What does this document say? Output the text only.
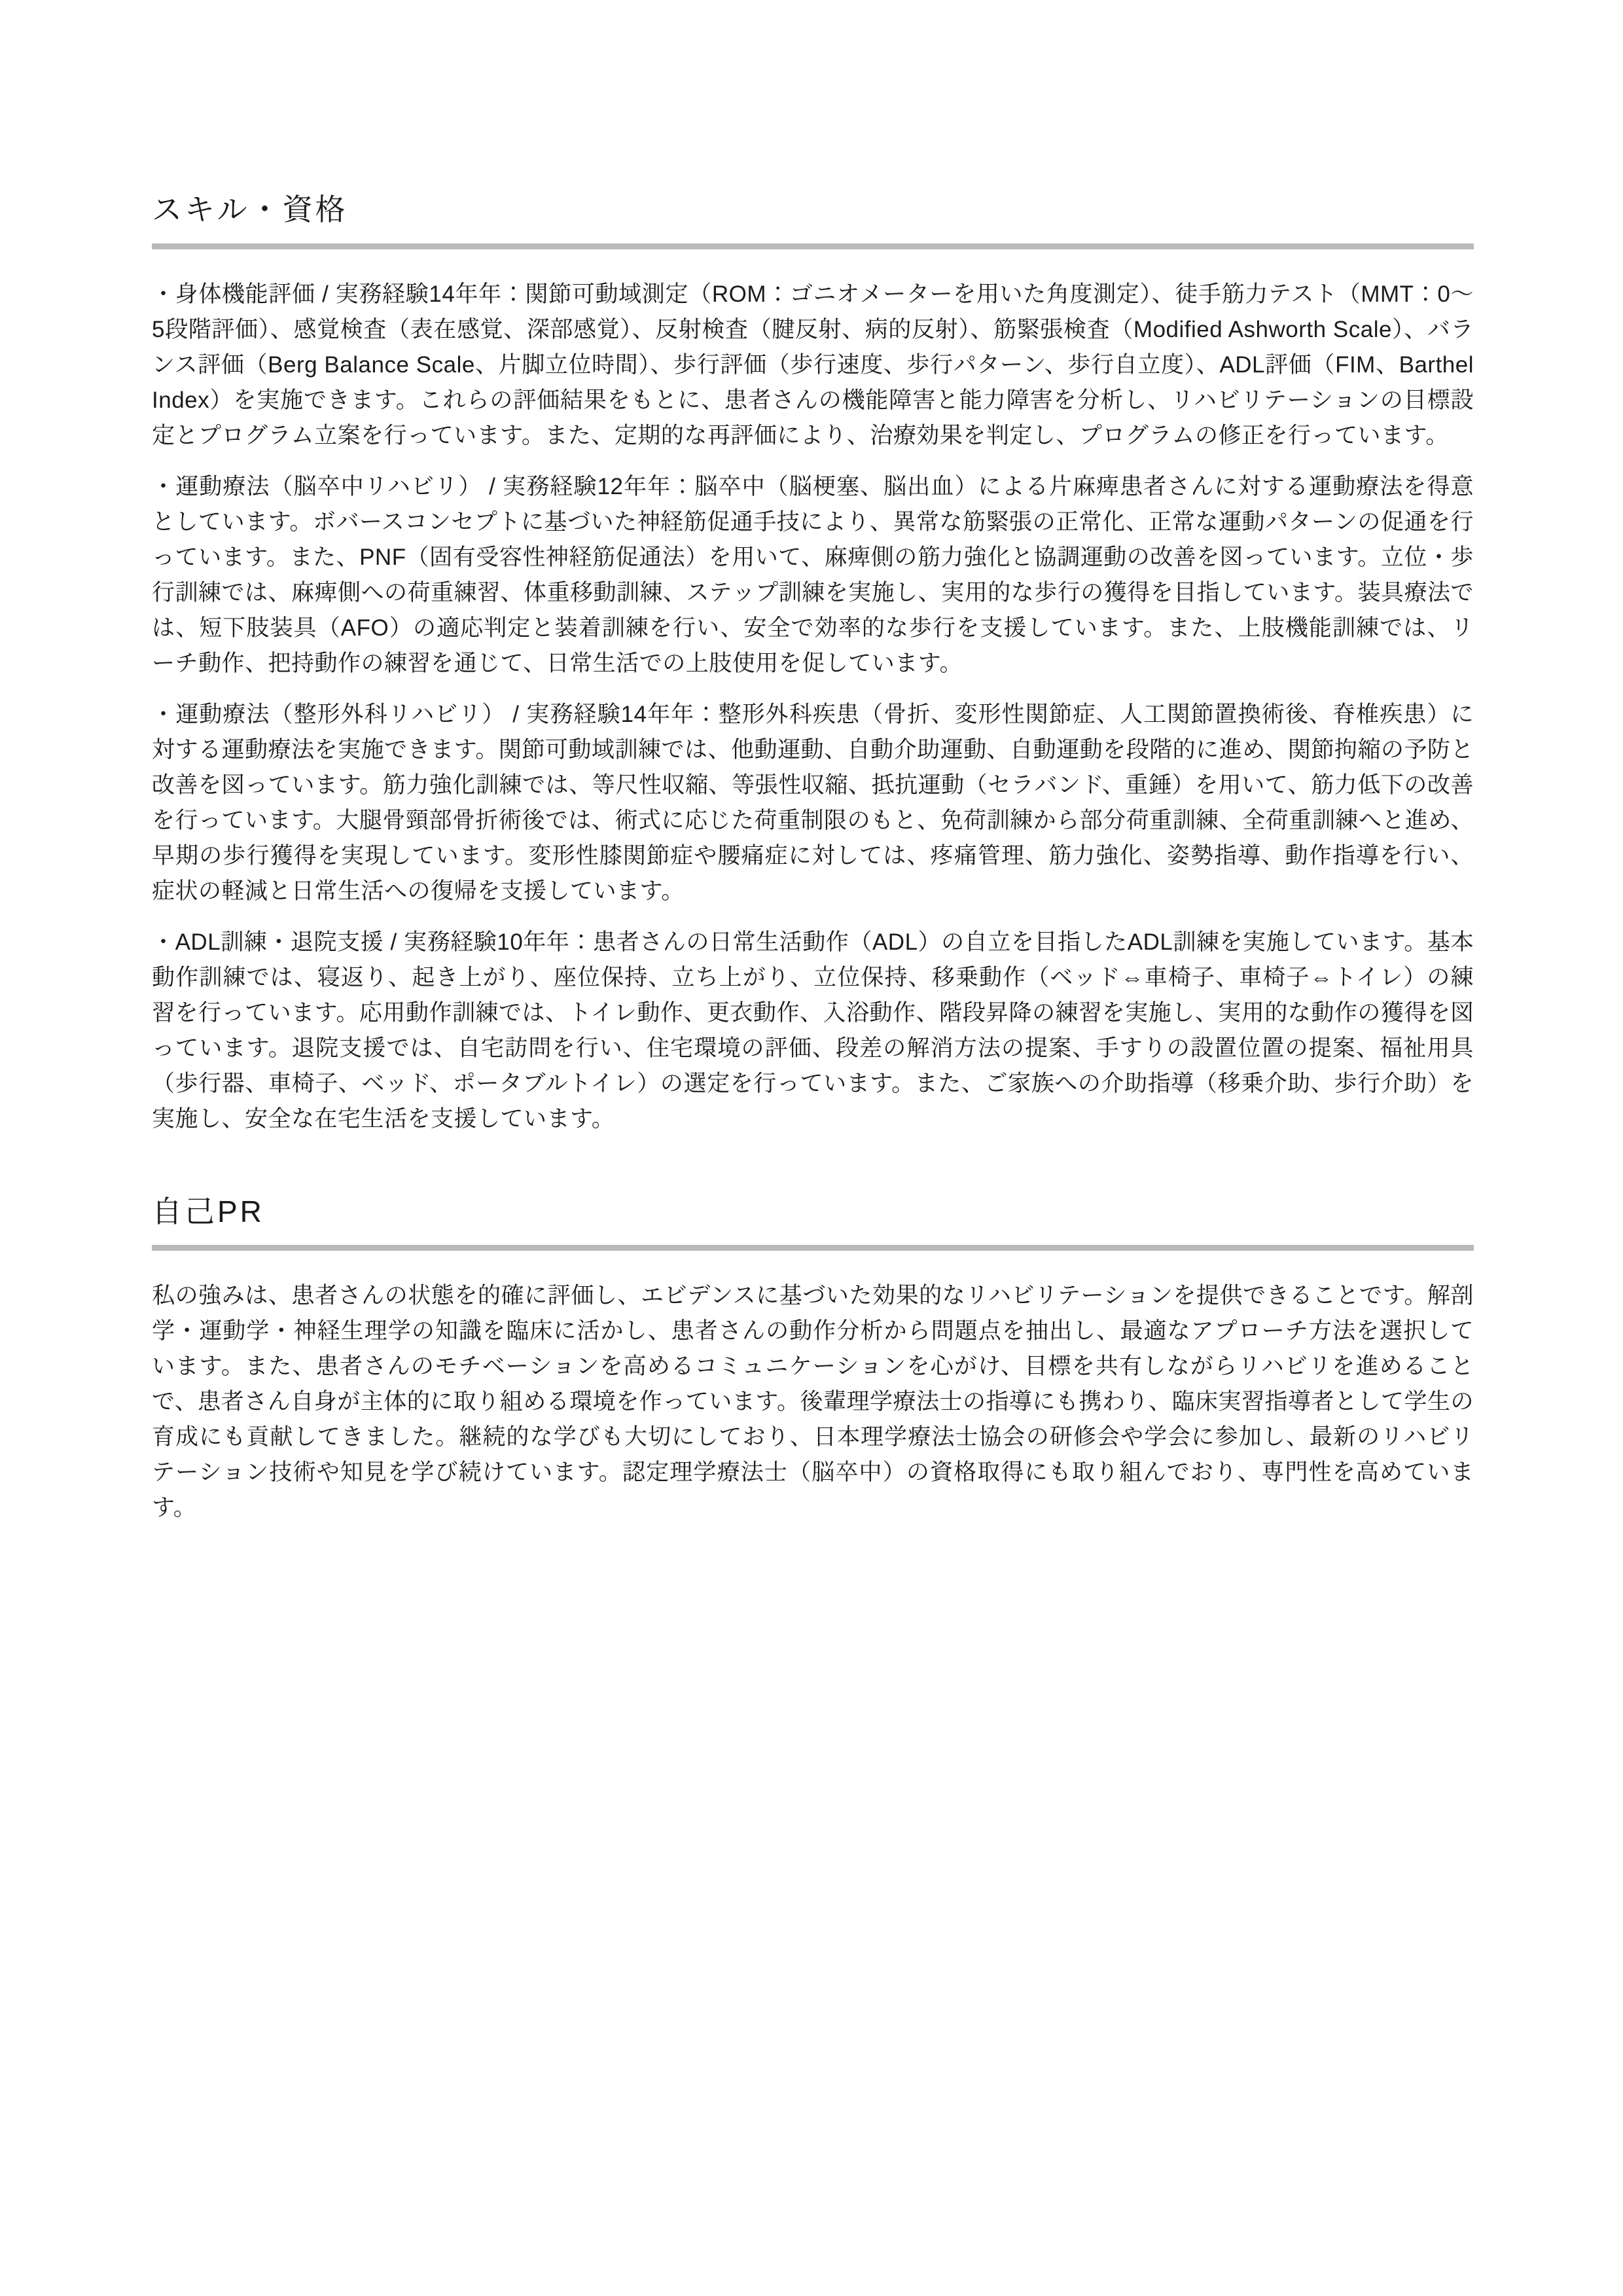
スキル・資格

・身体機能評価 / 実務経験14年年：関節可動域測定（ROM：ゴニオメーターを用いた角度測定）、徒手筋力テスト（MMT：0〜5段階評価）、感覚検査（表在感覚、深部感覚）、反射検査（腱反射、病的反射）、筋緊張検査（Modified Ashworth Scale）、バランス評価（Berg Balance Scale、片脚立位時間）、歩行評価（歩行速度、歩行パターン、歩行自立度）、ADL評価（FIM、Barthel Index）を実施できます。これらの評価結果をもとに、患者さんの機能障害と能力障害を分析し、リハビリテーションの目標設定とプログラム立案を行っています。また、定期的な再評価により、治療効果を判定し、プログラムの修正を行っています。

・運動療法（脳卒中リハビリ） / 実務経験12年年：脳卒中（脳梗塞、脳出血）による片麻痺患者さんに対する運動療法を得意としています。ボバースコンセプトに基づいた神経筋促通手技により、異常な筋緊張の正常化、正常な運動パターンの促通を行っています。また、PNF（固有受容性神経筋促通法）を用いて、麻痺側の筋力強化と協調運動の改善を図っています。立位・歩行訓練では、麻痺側への荷重練習、体重移動訓練、ステップ訓練を実施し、実用的な歩行の獲得を目指しています。装具療法では、短下肢装具（AFO）の適応判定と装着訓練を行い、安全で効率的な歩行を支援しています。また、上肢機能訓練では、リーチ動作、把持動作の練習を通じて、日常生活での上肢使用を促しています。

・運動療法（整形外科リハビリ） / 実務経験14年年：整形外科疾患（骨折、変形性関節症、人工関節置換術後、脊椎疾患）に対する運動療法を実施できます。関節可動域訓練では、他動運動、自動介助運動、自動運動を段階的に進め、関節拘縮の予防と改善を図っています。筋力強化訓練では、等尺性収縮、等張性収縮、抵抗運動（セラバンド、重錘）を用いて、筋力低下の改善を行っています。大腿骨頸部骨折術後では、術式に応じた荷重制限のもと、免荷訓練から部分荷重訓練、全荷重訓練へと進め、早期の歩行獲得を実現しています。変形性膝関節症や腰痛症に対しては、疼痛管理、筋力強化、姿勢指導、動作指導を行い、症状の軽減と日常生活への復帰を支援しています。

・ADL訓練・退院支援 / 実務経験10年年：患者さんの日常生活動作（ADL）の自立を目指したADL訓練を実施しています。基本動作訓練では、寝返り、起き上がり、座位保持、立ち上がり、立位保持、移乗動作（ベッド⇔車椅子、車椅子⇔トイレ）の練習を行っています。応用動作訓練では、トイレ動作、更衣動作、入浴動作、階段昇降の練習を実施し、実用的な動作の獲得を図っています。退院支援では、自宅訪問を行い、住宅環境の評価、段差の解消方法の提案、手すりの設置位置の提案、福祉用具（歩行器、車椅子、ベッド、ポータブルトイレ）の選定を行っています。また、ご家族への介助指導（移乗介助、歩行介助）を実施し、安全な在宅生活を支援しています。

自己PR

私の強みは、患者さんの状態を的確に評価し、エビデンスに基づいた効果的なリハビリテーションを提供できることです。解剖学・運動学・神経生理学の知識を臨床に活かし、患者さんの動作分析から問題点を抽出し、最適なアプローチ方法を選択しています。また、患者さんのモチベーションを高めるコミュニケーションを心がけ、目標を共有しながらリハビリを進めることで、患者さん自身が主体的に取り組める環境を作っています。後輩理学療法士の指導にも携わり、臨床実習指導者として学生の育成にも貢献してきました。継続的な学びも大切にしており、日本理学療法士協会の研修会や学会に参加し、最新のリハビリテーション技術や知見を学び続けています。認定理学療法士（脳卒中）の資格取得にも取り組んでおり、専門性を高めています。
